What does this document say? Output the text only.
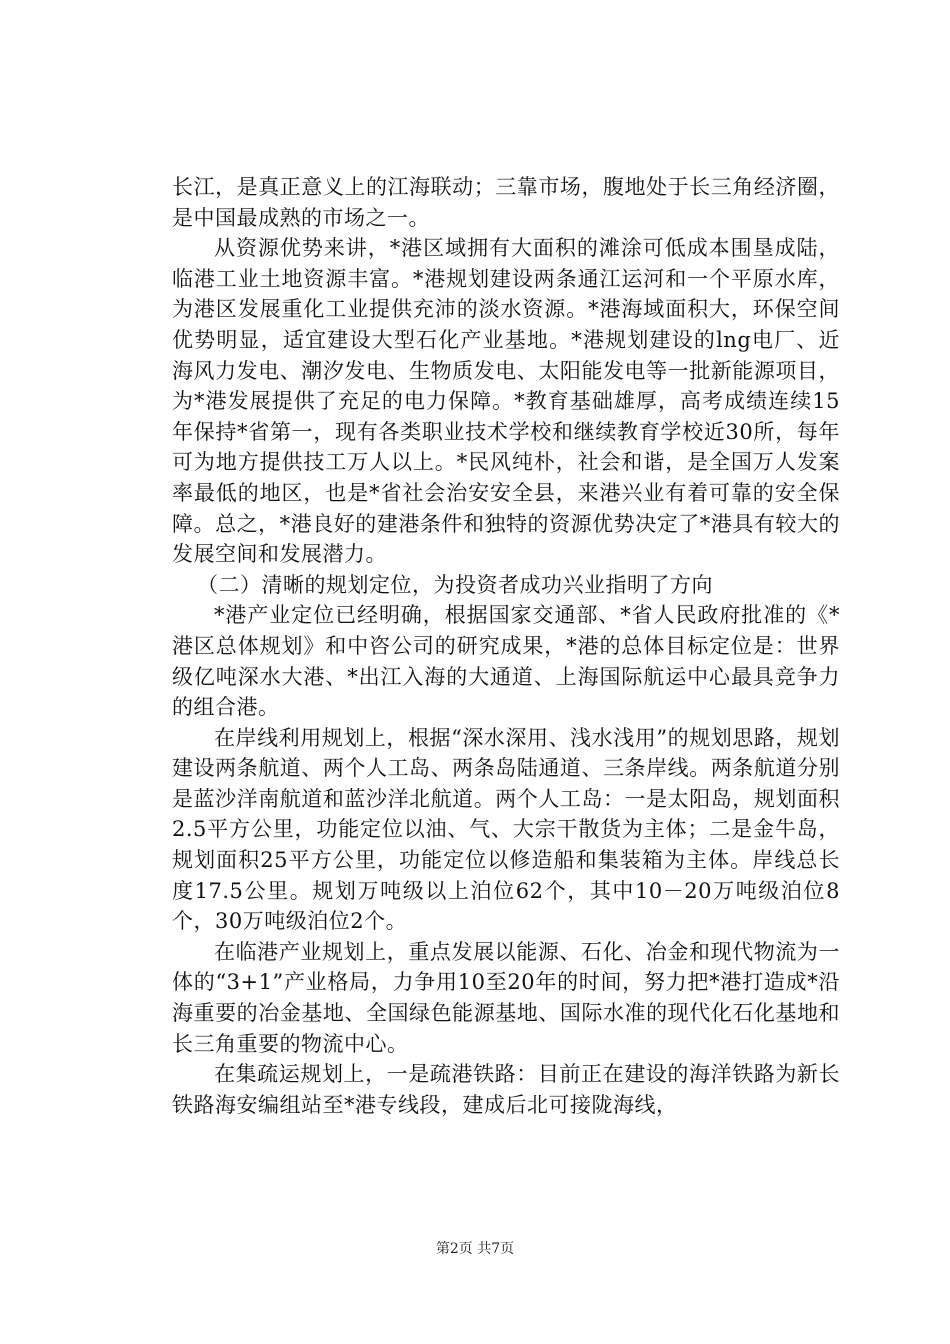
长江，是真正意义上的江海联动；三靠市场，腹地处于长三角经济圈，是中国最成熟的市场之一。

从资源优势来讲，*港区域拥有大面积的滩涂可低成本围垦成陆，临港工业土地资源丰富。*港规划建设两条通江运河和一个平原水库，为港区发展重化工业提供充沛的淡水资源。*港海域面积大，环保空间优势明显，适宜建设大型石化产业基地。*港规划建设的lng电厂、近海风力发电、潮汐发电、生物质发电、太阳能发电等一批新能源项目，为*港发展提供了充足的电力保障。*教育基础雄厚，高考成绩连续15年保持*省第一，现有各类职业技术学校和继续教育学校近30所，每年可为地方提供技工万人以上。*民风纯朴，社会和谐，是全国万人发案率最低的地区，也是*省社会治安安全县，来港兴业有着可靠的安全保障。总之，*港良好的建港条件和独特的资源优势决定了*港具有较大的发展空间和发展潜力。

（二）清晰的规划定位，为投资者成功兴业指明了方向

*港产业定位已经明确，根据国家交通部、*省人民政府批准的《*港区总体规划》和中咨公司的研究成果，*港的总体目标定位是：世界级亿吨深水大港、*出江入海的大通道、上海国际航运中心最具竞争力的组合港。

在岸线利用规划上，根据“深水深用、浅水浅用”的规划思路，规划建设两条航道、两个人工岛、两条岛陆通道、三条岸线。两条航道分别是蓝沙洋南航道和蓝沙洋北航道。两个人工岛：一是太阳岛，规划面积2.5平方公里，功能定位以油、气、大宗干散货为主体；二是金牛岛，规划面积25平方公里，功能定位以修造船和集装箱为主体。岸线总长度17.5公里。规划万吨级以上泊位62个，其中10－20万吨级泊位8个，30万吨级泊位2个。

在临港产业规划上，重点发展以能源、石化、冶金和现代物流为一体的“3+1”产业格局，力争用10至20年的时间，努力把*港打造成*沿海重要的冶金基地、全国绿色能源基地、国际水准的现代化石化基地和长三角重要的物流中心。

在集疏运规划上，一是疏港铁路：目前正在建设的海洋铁路为新长铁路海安编组站至*港专线段，建成后北可接陇海线，

第2页 共7页
